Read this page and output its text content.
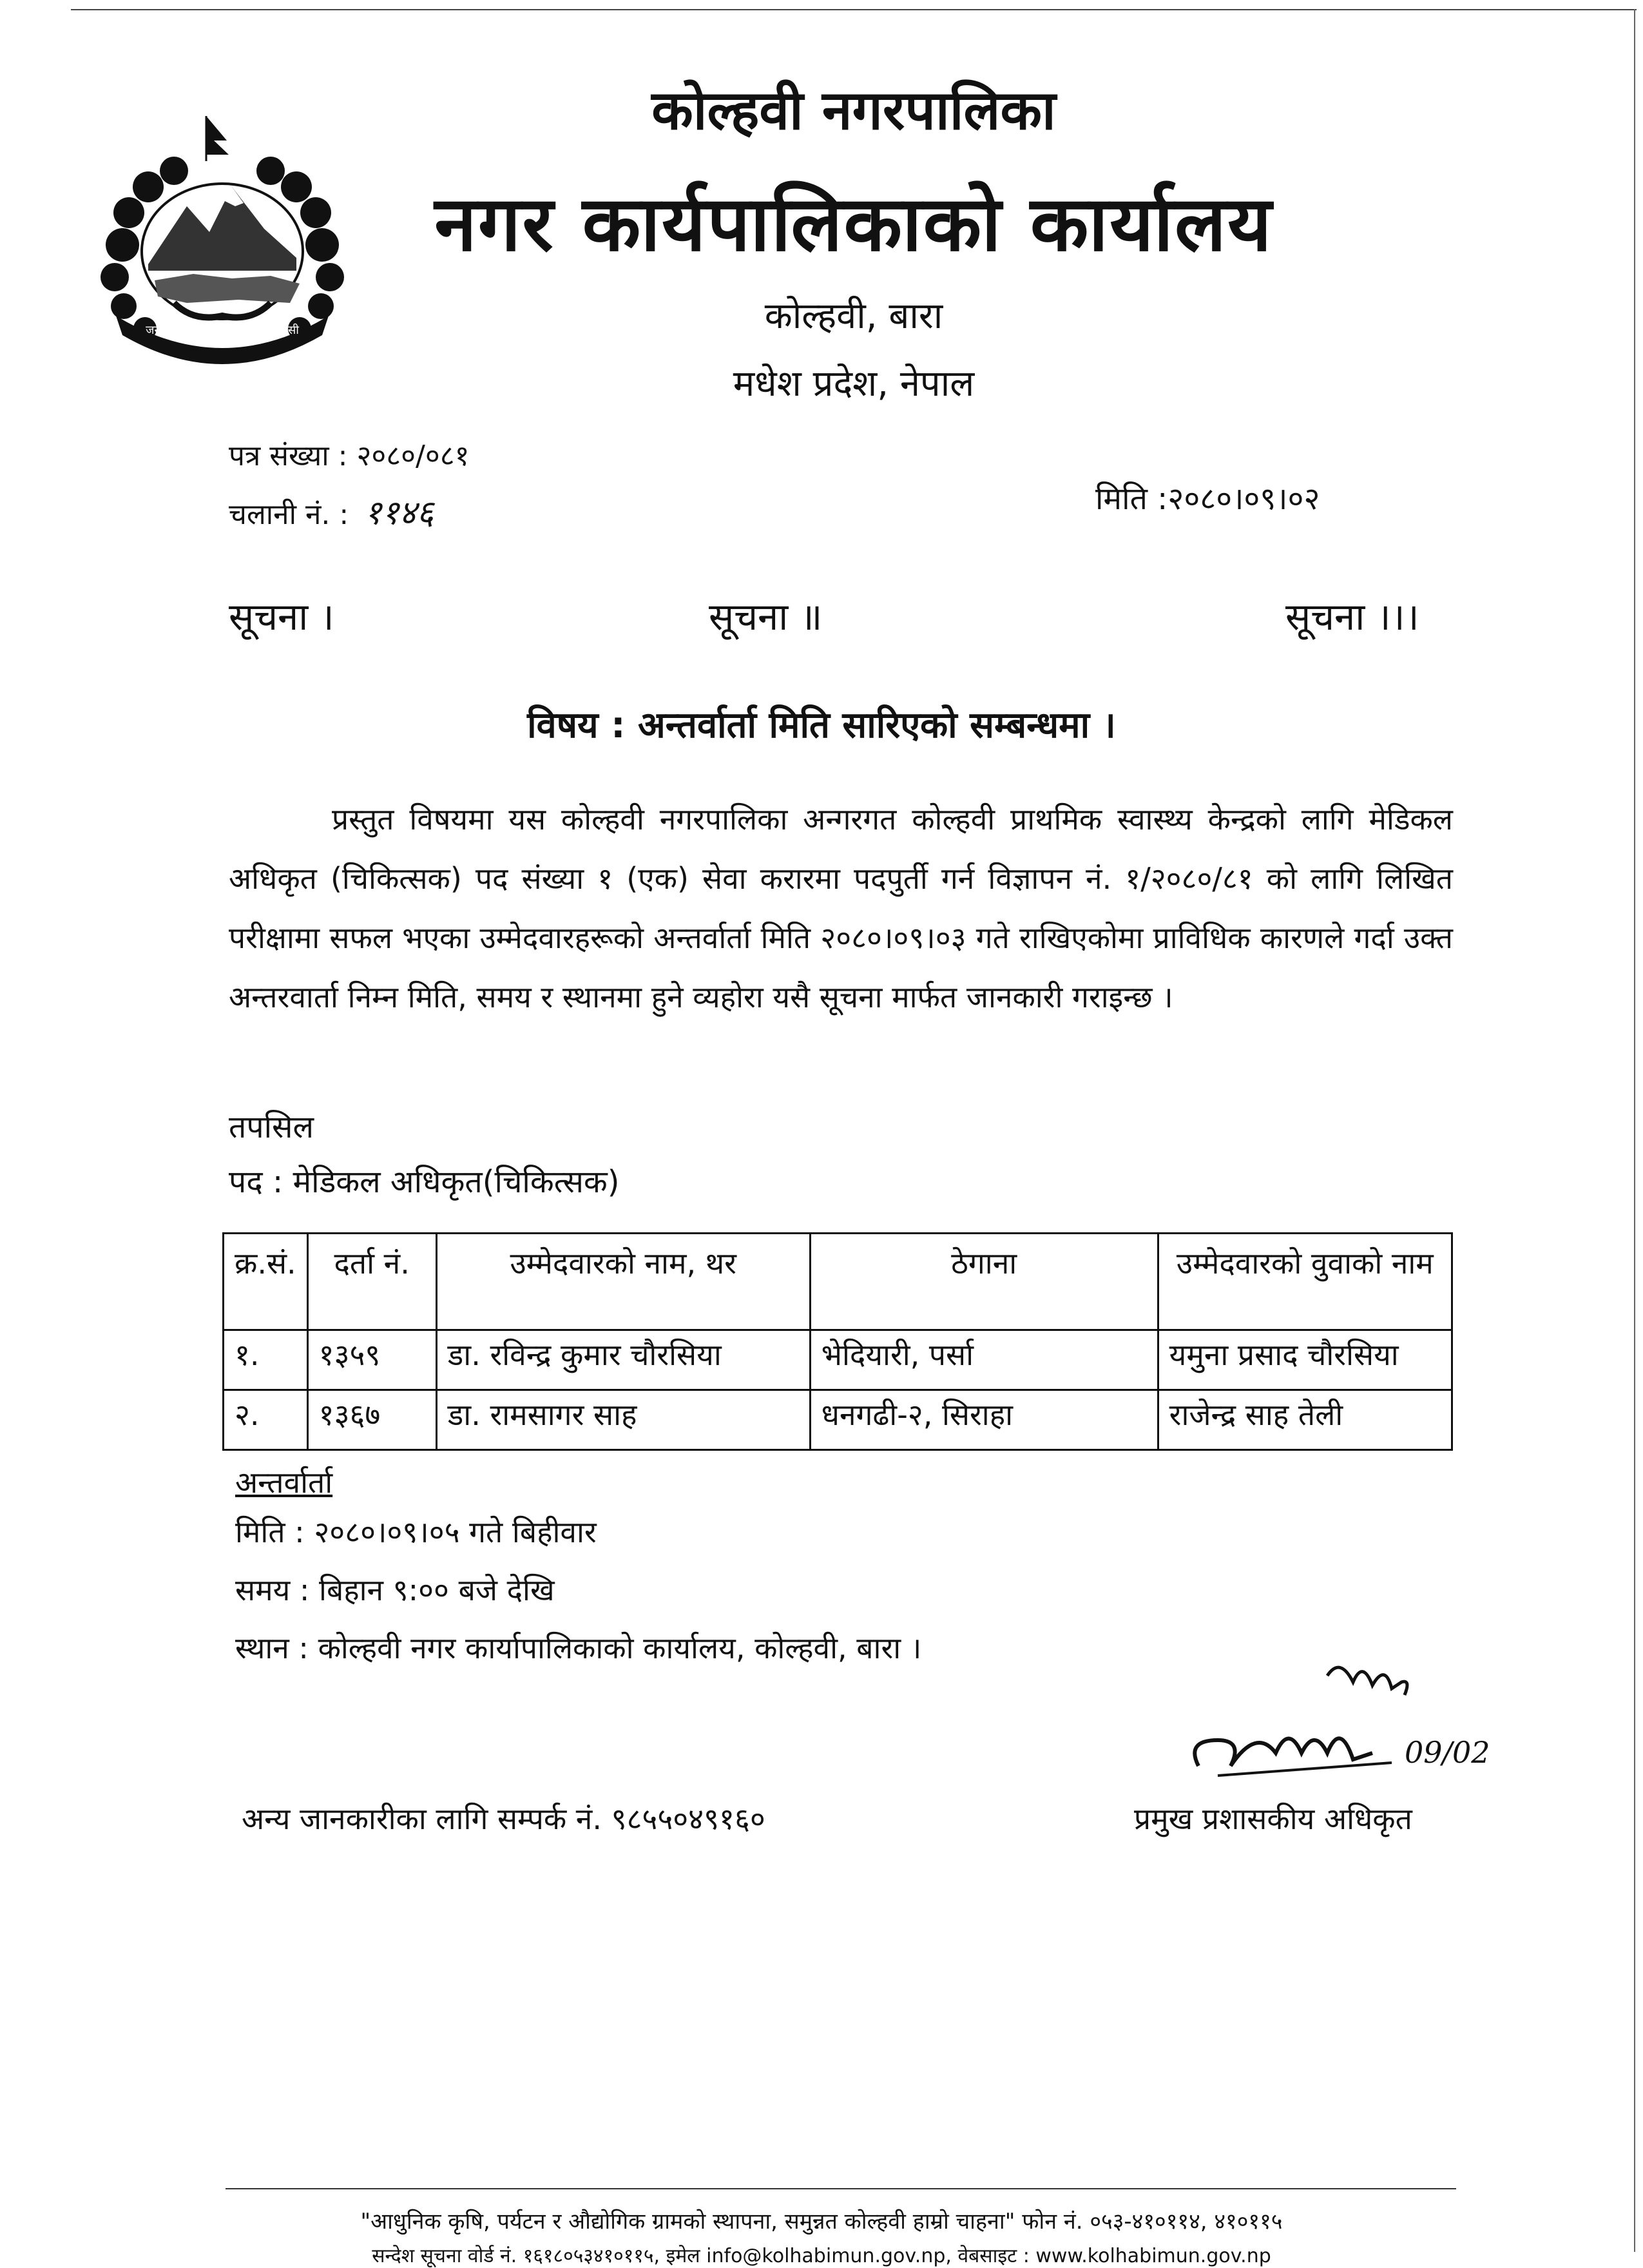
जननी जन्मभूमिश्च स्वर्गादपि गरीयसी
कोल्हवी नगरपालिका
नगर कार्यपालिकाको कार्यालय
कोल्हवी, बारा
मधेश प्रदेश, नेपाल
पत्र संख्या : २०८०/०८१
चलानी नं. : ११४६	मिति :२०८०।०९।०२
सूचना ।	सूचना ॥	सूचना ।।।
विषय : अन्तर्वार्ता मिति सारिएको सम्बन्धमा ।
प्रस्तुत विषयमा यस कोल्हवी नगरपालिका अन्गरगत कोल्हवी प्राथमिक स्वास्थ्य केन्द्रको लागि मेडिकल अधिकृत (चिकित्सक) पद संख्या १ (एक) सेवा करारमा पदपुर्ती गर्न विज्ञापन नं. १/२०८०/८१ को लागि लिखित परीक्षामा सफल भएका उम्मेदवारहरूको अन्तर्वार्ता मिति २०८०।०९।०३ गते राखिएकोमा प्राविधिक कारणले गर्दा उक्त अन्तरवार्ता निम्न मिति, समय र स्थानमा हुने व्यहोरा यसै सूचना मार्फत जानकारी गराइन्छ ।
तपसिल
पद : मेडिकल अधिकृत(चिकित्सक)
क्र.सं.	दर्ता नं.	उम्मेदवारको नाम, थर	ठेगाना	उम्मेदवारको वुवाको नाम
१.	१३५९	डा. रविन्द्र कुमार चौरसिया	भेदियारी, पर्सा	यमुना प्रसाद चौरसिया
२.	१३६७	डा. रामसागर साह	धनगढी-२, सिराहा	राजेन्द्र साह तेली
अन्तर्वार्ता
मिति : २०८०।०९।०५ गते बिहीवार
समय : बिहान ९:०० बजे देखि
स्थान : कोल्हवी नगर कार्यापालिकाको कार्यालय, कोल्हवी, बारा ।
09/02
अन्य जानकारीका लागि सम्पर्क नं. ९८५५०४९१६०	प्रमुख प्रशासकीय अधिकृत
"आधुनिक कृषि, पर्यटन र औद्योगिक ग्रामको स्थापना, समुन्नत कोल्हवी हाम्रो चाहना" फोन नं. ०५३-४१०११४, ४१०११५
सन्देश सूचना वोर्ड नं. १६१८०५३४१०११५, इमेल info@kolhabimun.gov.np, वेबसाइट : www.kolhabimun.gov.np
